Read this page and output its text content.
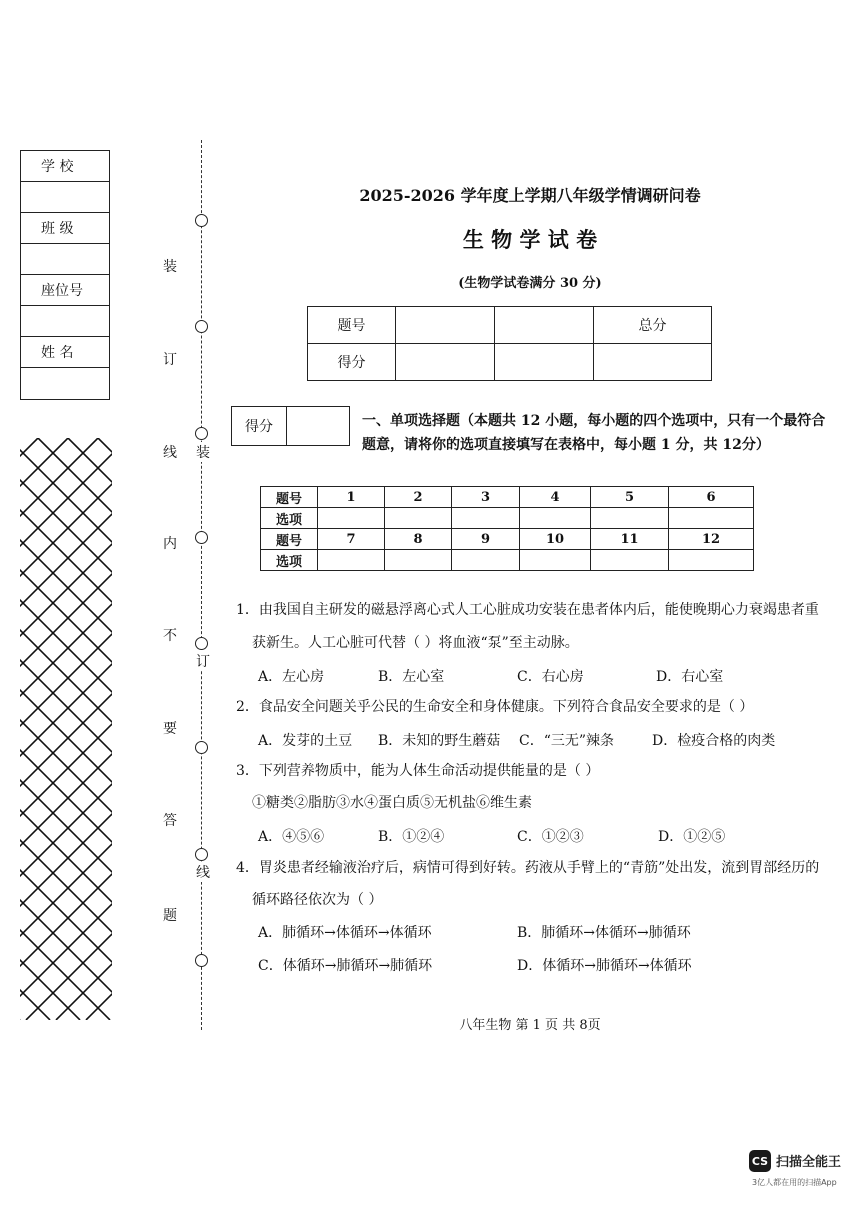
学 校
班 级
座位号
姓 名
装
订
线
内
不
要
答
题
装
订
线
2025-2026 学年度上学期八年级学情调研问卷
生 物 学 试 卷
(生物学试卷满分 30 分)
题号			总分
得分			
得分	一、单项选择题（本题共 12 小题，每小题的四个选项中，只有一个最符合题意，请将你的选项直接填写在表格中，每小题 1 分，共 12分）
题号	1	2	3	4	5	6
选项						
题号	7	8	9	10	11	12
选项						
1．由我国自主研发的磁悬浮离心式人工心脏成功安装在患者体内后，能使晚期心力衰竭患者重
获新生。人工心脏可代替（ ）将血液“泵”至主动脉。
A．左心房	B．左心室	C．右心房	D．右心室
2．食品安全问题关乎公民的生命安全和身体健康。下列符合食品安全要求的是（ ）
A．发芽的土豆 B．未知的野生蘑菇 C．“三无”辣条	D．检疫合格的肉类
3．下列营养物质中，能为人体生命活动提供能量的是（ ）
①糖类②脂肪③水④蛋白质⑤无机盐⑥维生素
A．④⑤⑥	B．①②④	C．①②③	D．①②⑤
4．胃炎患者经输液治疗后，病情可得到好转。药液从手臂上的“青筋”处出发，流到胃部经历的
循环路径依次为（ ）
A．肺循环→体循环→体循环	B．肺循环→体循环→肺循环
C．体循环→肺循环→肺循环	D．体循环→肺循环→体循环
八年生物 第 1 页 共 8页
CS 扫描全能王
3亿人都在用的扫描App
